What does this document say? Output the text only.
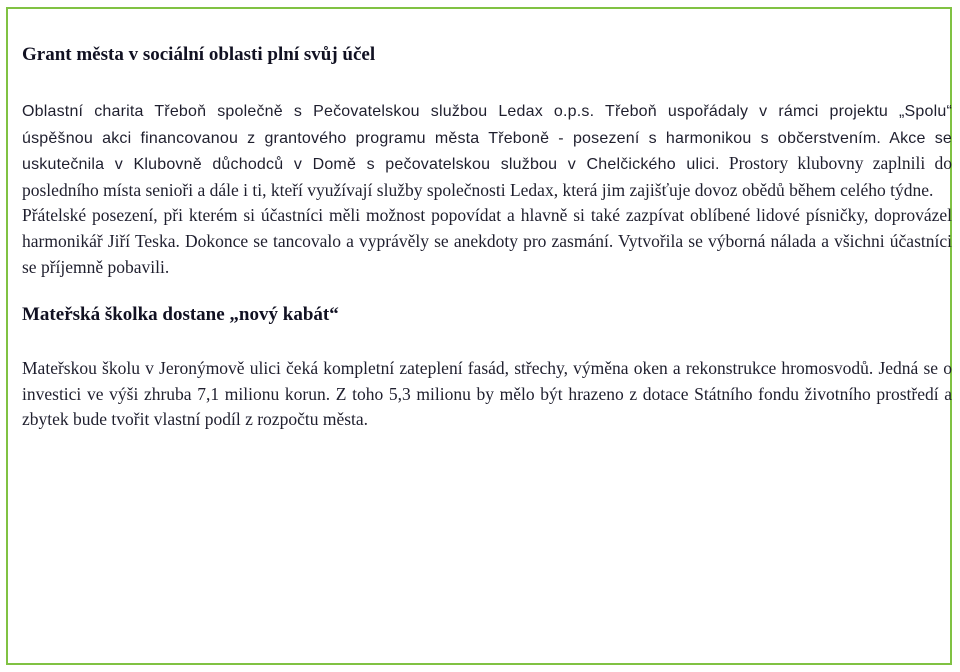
Grant města v sociální oblasti plní svůj účel

Oblastní charita Třeboň společně s Pečovatelskou službou Ledax o.p.s. Třeboň uspořádaly v rámci projektu „Spolu“ úspěšnou akci financovanou z grantového programu města Třeboně - posezení s harmonikou s občerstvením. Akce se uskutečnila v Klubovně důchodců v Domě s pečovatelskou službou v Chelčického ulici. Prostory klubovny zaplnili do posledního místa senioři a dále i ti, kteří využívají služby společnosti Ledax, která jim zajišťuje dovoz obědů během celého týdne.

Přátelské posezení, při kterém si účastníci měli možnost popovídat a hlavně si také zazpívat oblíbené lidové písničky, doprovázel harmonikář Jiří Teska. Dokonce se tancovalo a vyprávěly se anekdoty pro zasmání. Vytvořila se výborná nálada a všichni účastníci se příjemně pobavili.

Mateřská školka dostane „nový kabát“

Mateřskou školu v Jeronýmově ulici čeká kompletní zateplení fasád, střechy, výměna oken a rekonstrukce hromosvodů. Jedná se o investici ve výši zhruba 7,1 milionu korun. Z toho 5,3 milionu by mělo být hrazeno z dotace Státního fondu životního prostředí a zbytek bude tvořit vlastní podíl z rozpočtu města.
